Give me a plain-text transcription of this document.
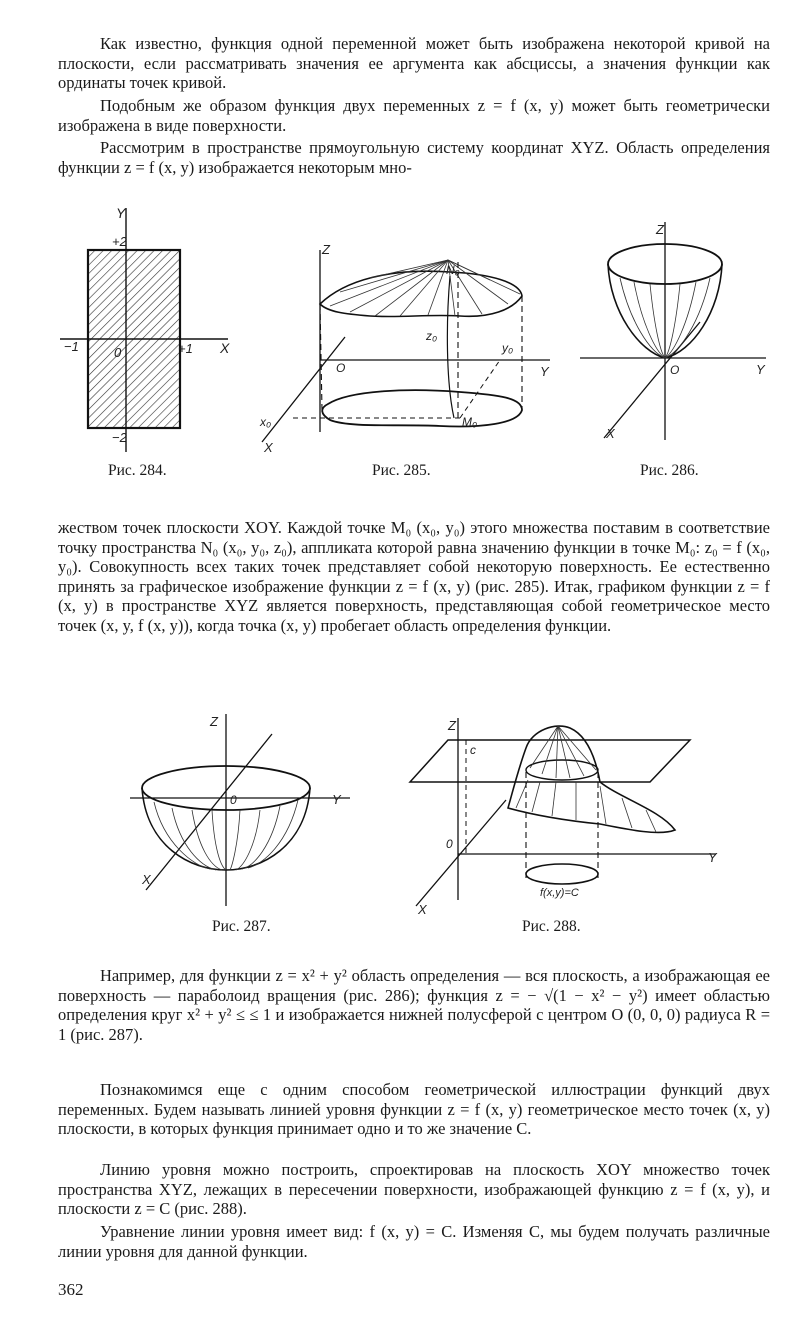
Как известно, функция одной переменной может быть изображена некоторой кривой на плоскости, если рассматривать значения ее аргумента как абсциссы, а значения функции как ординаты точек кривой.

Подобным же образом функция двух переменных z = f (x, y) может быть геометрически изображена в виде поверхности.

Рассмотрим в пространстве прямоугольную систему координат XYZ. Область определения функции z = f (x, y) изображается некоторым мно-

Y
+2
−1	0	+1 X
−2
Рис. 284.
Z
N₀
z₀
y₀
O	Y
x₀	M₀
X
Рис. 285.
Z
O	Y
X
Рис. 286.

жеством точек плоскости XOY. Каждой точке M₀ (x₀, y₀) этого множества поставим в соответствие точку пространства N₀ (x₀, y₀, z₀), аппликата которой равна значению функции в точке M₀: z₀ = f (x₀, y₀). Совокупность всех таких точек представляет собой некоторую поверхность. Ее естественно принять за графическое изображение функции z = f (x, y) (рис. 285). Итак, графиком функции z = f (x, y) в пространстве XYZ является поверхность, представляющая собой геометрическое место точек (x, y, f (x, y)), когда точка (x, y) пробегает область определения функции.

Z
0	Y
X
Рис. 287.
Z
c
0
Y
f(x,y)=C
X
Рис. 288.

Например, для функции z = x² + y² область определения — вся плоскость, а изображающая ее поверхность — параболоид вращения (рис. 286); функция z = − √(1 − x² − y²) имеет областью определения круг x² + y² ≤ ≤ 1 и изображается нижней полусферой с центром O (0, 0, 0) радиуса R = 1 (рис. 287).

Познакомимся еще с одним способом геометрической иллюстрации функций двух переменных. Будем называть линией уровня функции z = f (x, y) геометрическое место точек (x, y) плоскости, в которых функция принимает одно и то же значение C.

Линию уровня можно построить, спроектировав на плоскость XOY множество точек пространства XYZ, лежащих в пересечении поверхности, изображающей функцию z = f (x, y), и плоскости z = C (рис. 288).

Уравнение линии уровня имеет вид: f (x, y) = C. Изменяя C, мы будем получать различные линии уровня для данной функции.

362
